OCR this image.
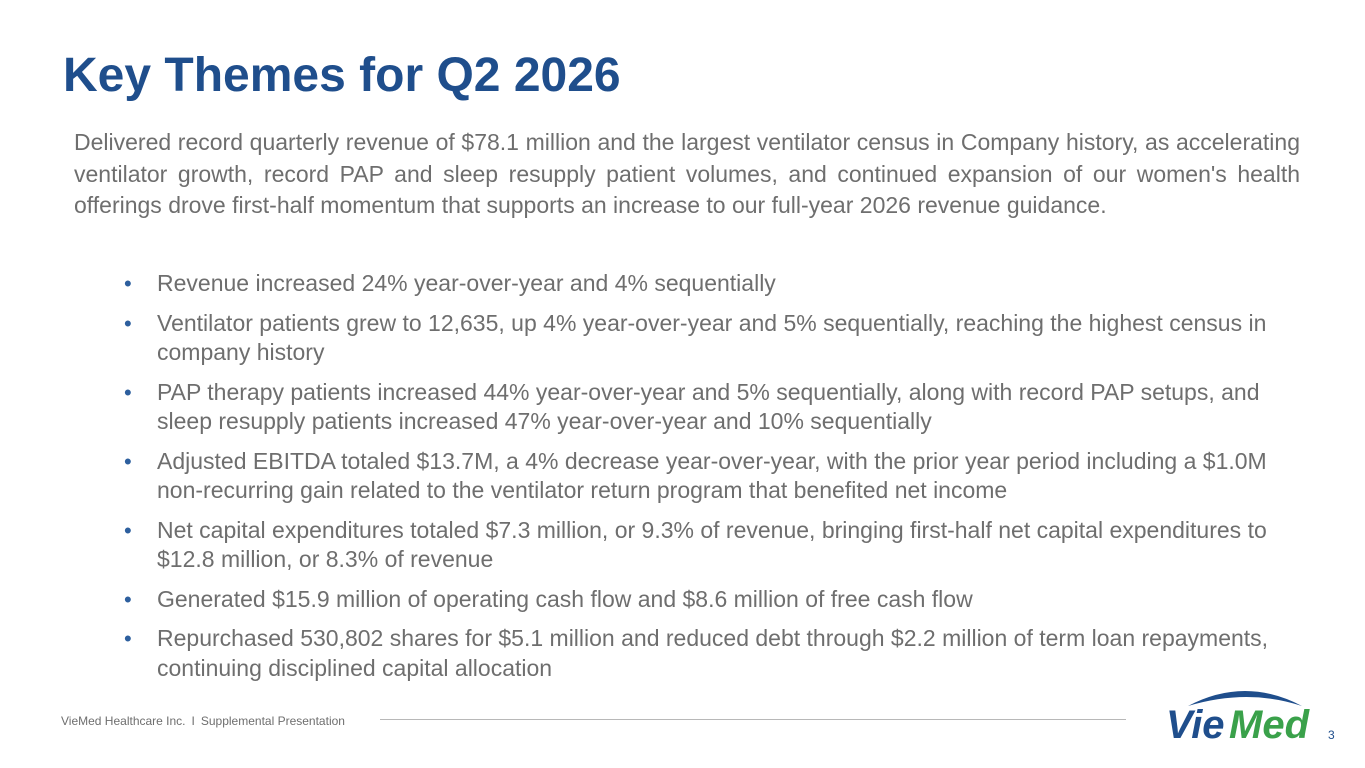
Key Themes for Q2 2026

Delivered record quarterly revenue of $78.1 million and the largest ventilator census in Company history, as accelerating ventilator growth, record PAP and sleep resupply patient volumes, and continued expansion of our women's health offerings drove first-half momentum that supports an increase to our full-year 2026 revenue guidance.

• Revenue increased 24% year-over-year and 4% sequentially
• Ventilator patients grew to 12,635, up 4% year-over-year and 5% sequentially, reaching the highest census in company history
• PAP therapy patients increased 44% year-over-year and 5% sequentially, along with record PAP setups, and sleep resupply patients increased 47% year-over-year and 10% sequentially
• Adjusted EBITDA totaled $13.7M, a 4% decrease year-over-year, with the prior year period including a $1.0M non-recurring gain related to the ventilator return program that benefited net income
• Net capital expenditures totaled $7.3 million, or 9.3% of revenue, bringing first-half net capital expenditures to $12.8 million, or 8.3% of revenue
• Generated $15.9 million of operating cash flow and $8.6 million of free cash flow
• Repurchased 530,802 shares for $5.1 million and reduced debt through $2.2 million of term loan repayments, continuing disciplined capital allocation
VieMed Healthcare Inc. I Supplemental Presentation	Vie Med 3
